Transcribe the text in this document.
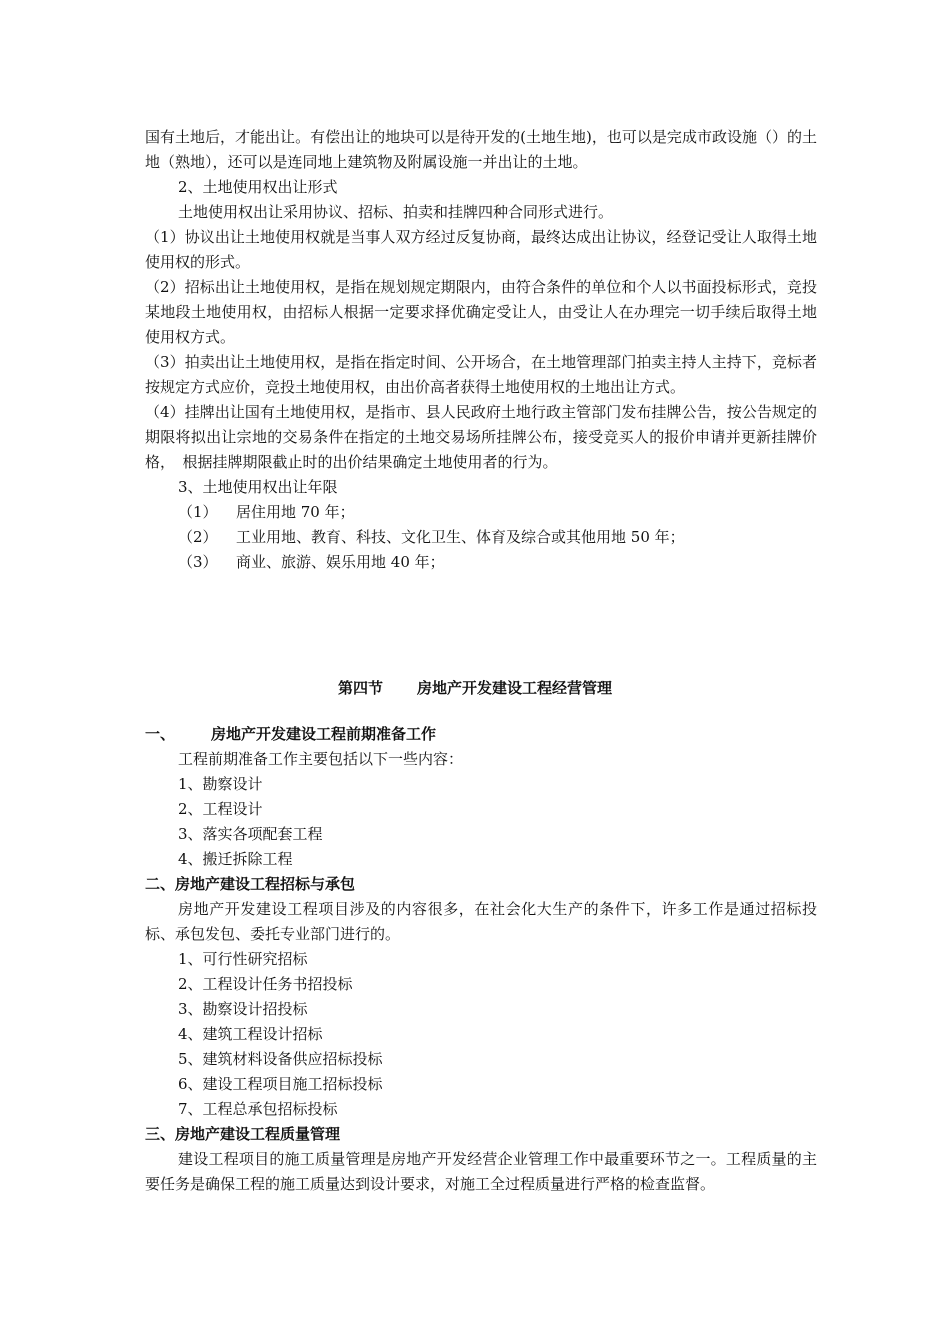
国有土地后，才能出让。有偿出让的地块可以是待开发的(土地生地)，也可以是完成市政设施（）的土地（熟地），还可以是连同地上建筑物及附属设施一并出让的土地。

2、土地使用权出让形式

土地使用权出让采用协议、招标、拍卖和挂牌四种合同形式进行。

（1）协议出让土地使用权就是当事人双方经过反复协商，最终达成出让协议，经登记受让人取得土地使用权的形式。

（2）招标出让土地使用权，是指在规划规定期限内，由符合条件的单位和个人以书面投标形式，竞投某地段土地使用权，由招标人根据一定要求择优确定受让人，由受让人在办理完一切手续后取得土地使用权方式。

（3）拍卖出让土地使用权，是指在指定时间、公开场合，在土地管理部门拍卖主持人主持下，竞标者按规定方式应价，竞投土地使用权，由出价高者获得土地使用权的土地出让方式。

（4）挂牌出让国有土地使用权，是指市、县人民政府土地行政主管部门发布挂牌公告，按公告规定的期限将拟出让宗地的交易条件在指定的土地交易场所挂牌公布，接受竞买人的报价申请并更新挂牌价格，　根据挂牌期限截止时的出价结果确定土地使用者的行为。

3、土地使用权出让年限

（1）	居住用地 70 年；
（2）	工业用地、教育、科技、文化卫生、体育及综合或其他用地 50 年；
（3）	商业、旅游、娱乐用地 40 年；
第四节 房地产开发建设工程经营管理
一、	房地产开发建设工程前期准备工作

工程前期准备工作主要包括以下一些内容：

1、勘察设计

2、工程设计

3、落实各项配套工程

4、搬迁拆除工程

二、房地产建设工程招标与承包

房地产开发建设工程项目涉及的内容很多，在社会化大生产的条件下，许多工作是通过招标投标、承包发包、委托专业部门进行的。

1、可行性研究招标

2、工程设计任务书招投标

3、勘察设计招投标

4、建筑工程设计招标

5、建筑材料设备供应招标投标

6、建设工程项目施工招标投标

7、工程总承包招标投标

三、房地产建设工程质量管理

建设工程项目的施工质量管理是房地产开发经营企业管理工作中最重要环节之一。工程质量的主要任务是确保工程的施工质量达到设计要求，对施工全过程质量进行严格的检查监督。
